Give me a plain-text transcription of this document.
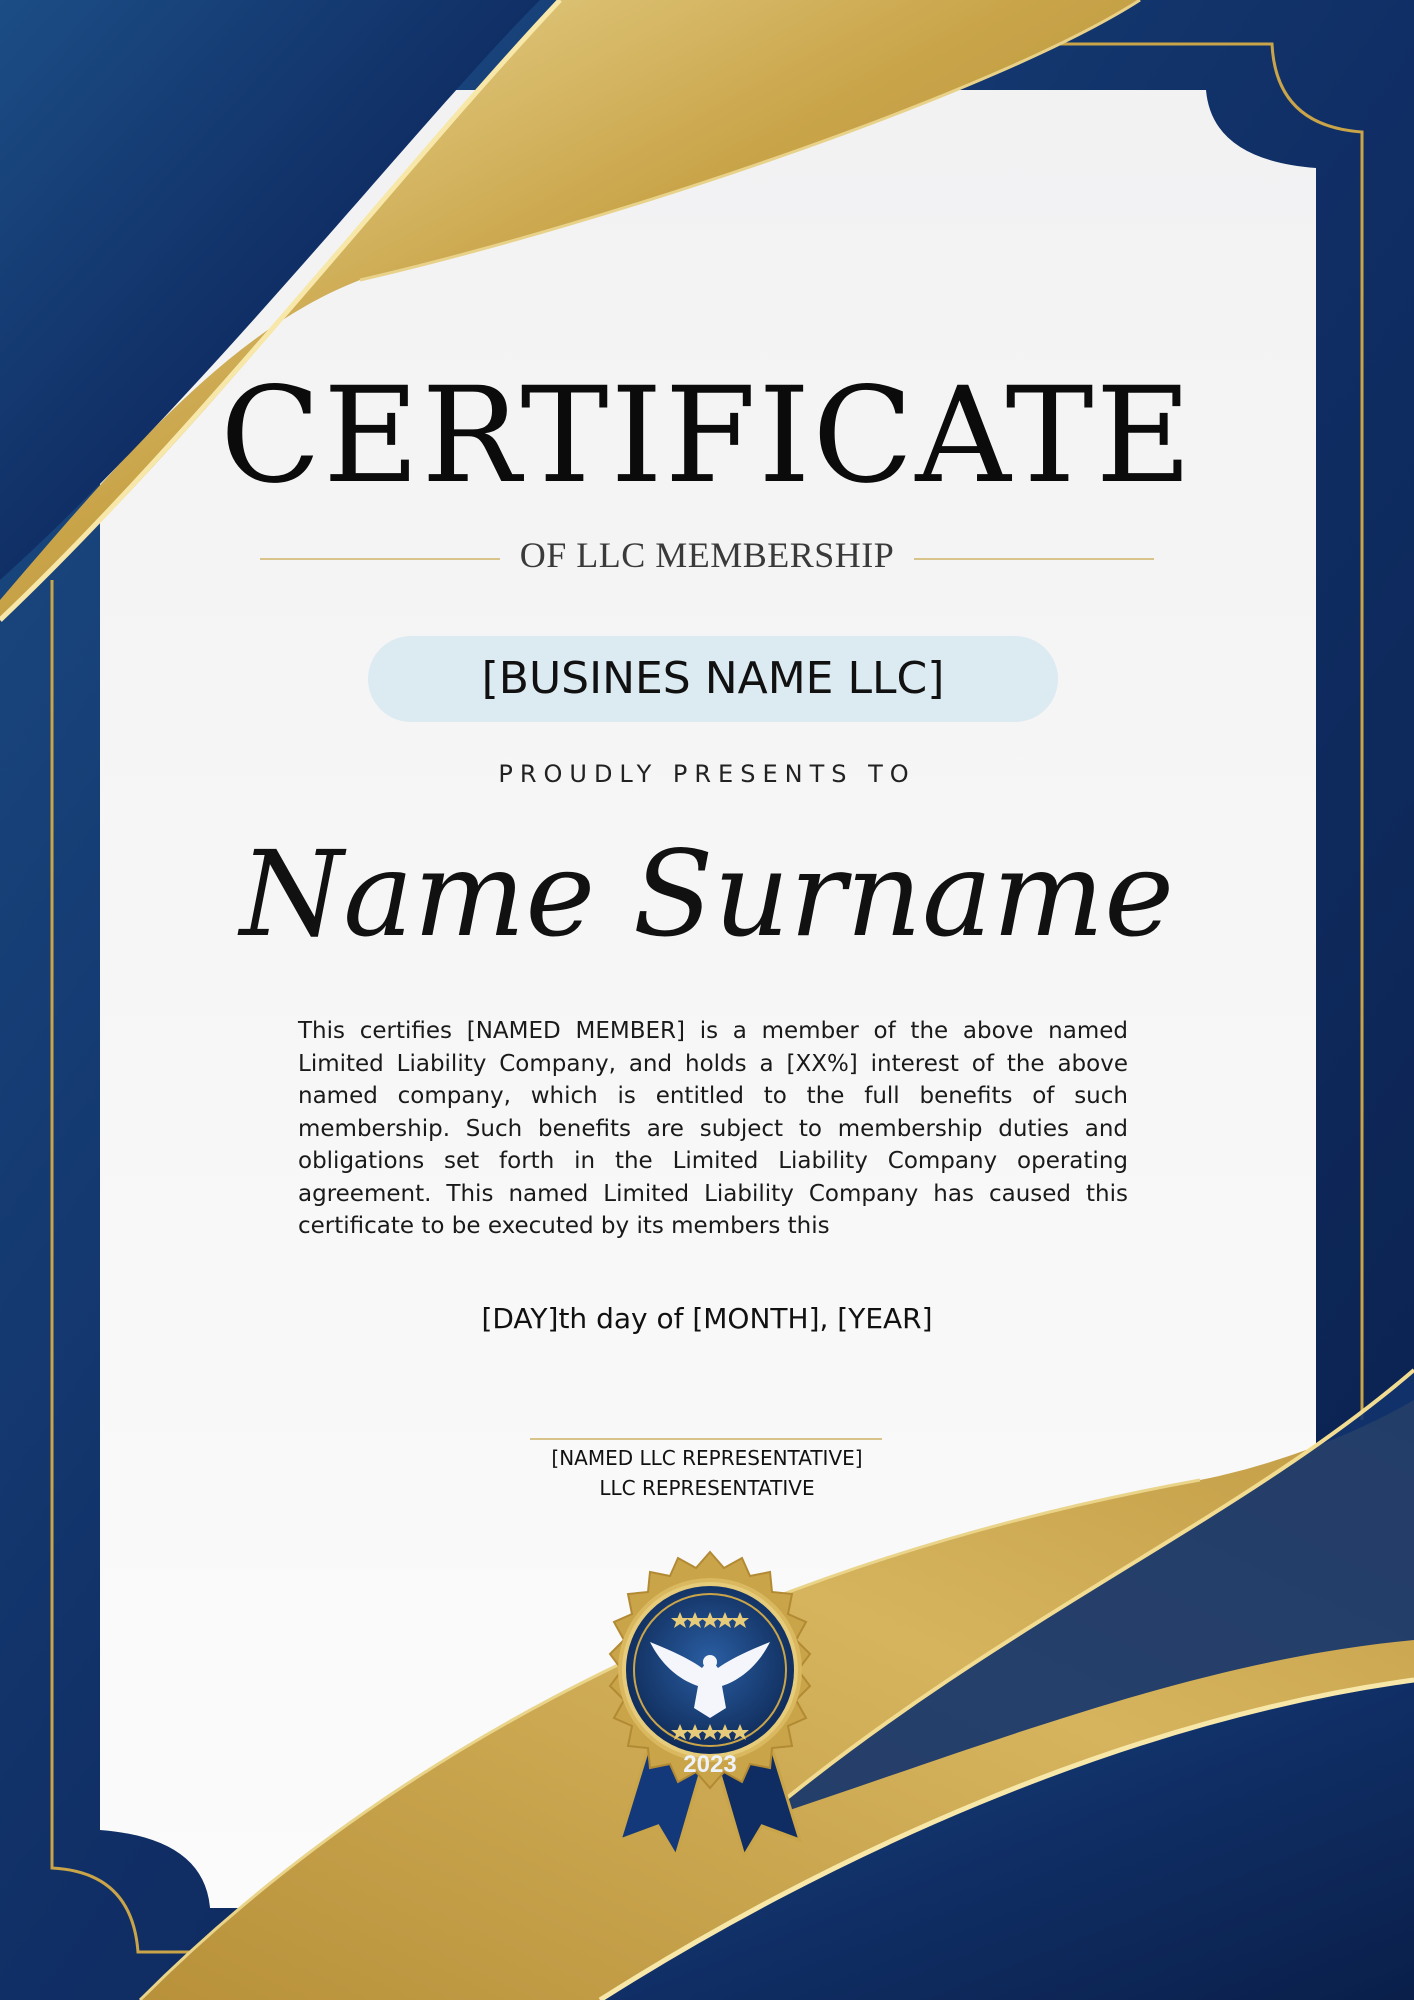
CERTIFICATE
OF LLC MEMBERSHIP
[BUSINES NAME LLC]
PROUDLY PRESENTS TO
Name Surname
This certifies [NAMED MEMBER] is a member of the above named Limited Liability Company, and holds a [XX%] interest of the above named company, which is entitled to the full benefits of such membership. Such benefits are subject to membership duties and obligations set forth in the Limited Liability Company operating agreement. This named Limited Liability Company has caused this certificate to be executed by its members this
[DAY]th day of [MONTH], [YEAR]
[NAMED LLC REPRESENTATIVE]
LLC REPRESENTATIVE
2023
